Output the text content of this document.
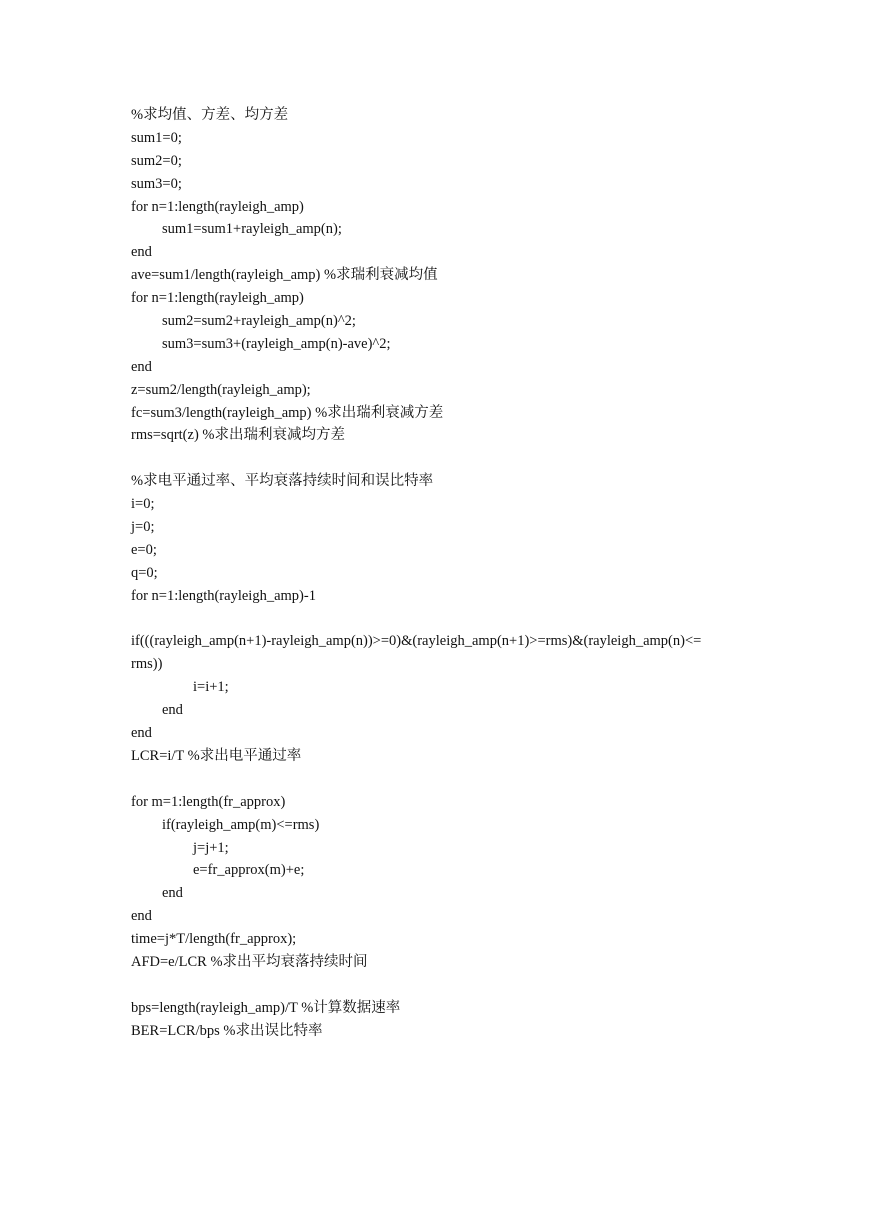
%求均值、方差、均方差
sum1=0;
sum2=0;
sum3=0;
for n=1:length(rayleigh_amp)
sum1=sum1+rayleigh_amp(n);
end
ave=sum1/length(rayleigh_amp) %求瑞利衰减均值
for n=1:length(rayleigh_amp)
sum2=sum2+rayleigh_amp(n)^2;
sum3=sum3+(rayleigh_amp(n)-ave)^2;
end
z=sum2/length(rayleigh_amp);
fc=sum3/length(rayleigh_amp) %求出瑞利衰减方差
rms=sqrt(z) %求出瑞利衰减均方差
%求电平通过率、平均衰落持续时间和误比特率
i=0;
j=0;
e=0;
q=0;
for n=1:length(rayleigh_amp)-1
if(((rayleigh_amp(n+1)-rayleigh_amp(n))>=0)&(rayleigh_amp(n+1)>=rms)&(rayleigh_amp(n)<=
rms))
i=i+1;
end
end
LCR=i/T %求出电平通过率
for m=1:length(fr_approx)
if(rayleigh_amp(m)<=rms)
j=j+1;
e=fr_approx(m)+e;
end
end
time=j*T/length(fr_approx);
AFD=e/LCR %求出平均衰落持续时间
bps=length(rayleigh_amp)/T %计算数据速率
BER=LCR/bps %求出误比特率
